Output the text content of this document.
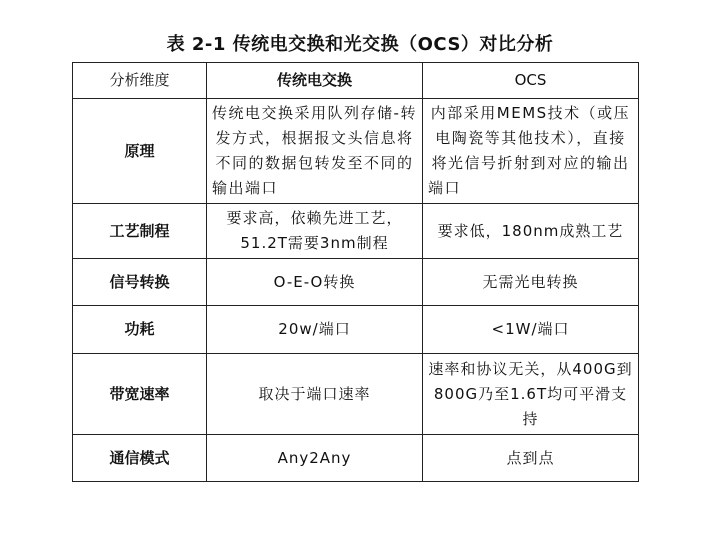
表 2-1 传统电交换和光交换（OCS）对比分析
分析维度	传统电交换	OCS
原理	传统电交换采用队列存储-转发方式，根据报文头信息将不同的数据包转发至不同的输出端口	内部采用MEMS技术（或压电陶瓷等其他技术），直接将光信号折射到对应的输出端口
工艺制程	要求高，依赖先进工艺，51.2T需要3nm制程	要求低，180nm成熟工艺
信号转换	O-E-O转换	无需光电转换
功耗	20w/端口	<1W/端口
带宽速率	取决于端口速率	速率和协议无关，从400G到800G乃至1.6T均可平滑支持
通信模式	Any2Any	点到点
